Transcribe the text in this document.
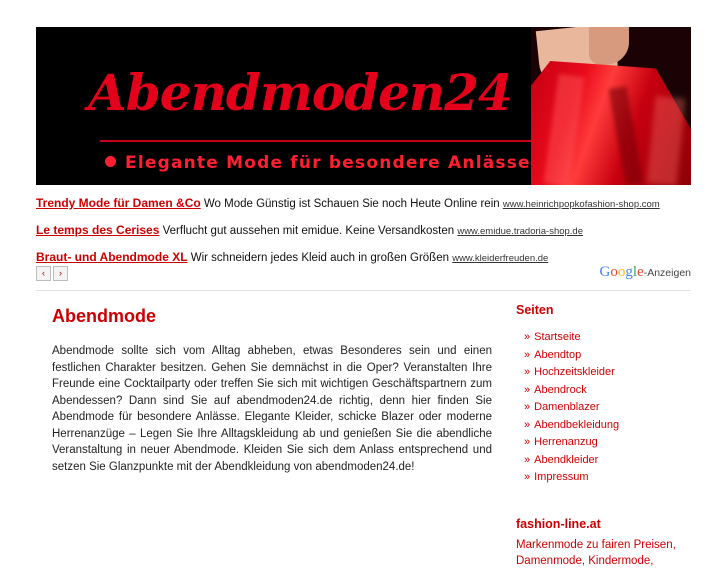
Abendmoden24
Elegante Mode für besondere Anlässe
Trendy Mode für Damen &Co Wo Mode Günstig ist Schauen Sie noch Heute Online rein www.heinrichpopkofashion-shop.com
Le temps des Cerises Verflucht gut aussehen mit emidue. Keine Versandkosten www.emidue.tradoria-shop.de
Braut- und Abendmode XL Wir schneidern jedes Kleid auch in großen Größen www.kleiderfreuden.de
‹	›	Google-Anzeigen
Abendmode

Abendmode sollte sich vom Alltag abheben, etwas Besonderes sein und einen festlichen Charakter besitzen. Gehen Sie demnächst in die Oper? Veranstalten Ihre Freunde eine Cocktailparty oder treffen Sie sich mit wichtigen Geschäftspartnern zum Abendessen? Dann sind Sie auf abendmoden24.de richtig, denn hier finden Sie Abendmode für besondere Anlässe. Elegante Kleider, schicke Blazer oder moderne Herrenanzüge – Legen Sie Ihre Alltagskleidung ab und genießen Sie die abendliche Veranstaltung in neuer Abendmode. Kleiden Sie sich dem Anlass entsprechend und setzen Sie Glanzpunkte mit der Abendkleidung von abendmoden24.de!

Seiten
» Startseite
» Abendtop
» Hochzeitskleider
» Abendrock
» Damenblazer
» Abendbekleidung
» Herrenanzug
» Abendkleider
» Impressum
fashion-line.at

Markenmode zu fairen Preisen, Damenmode, Kindermode,
